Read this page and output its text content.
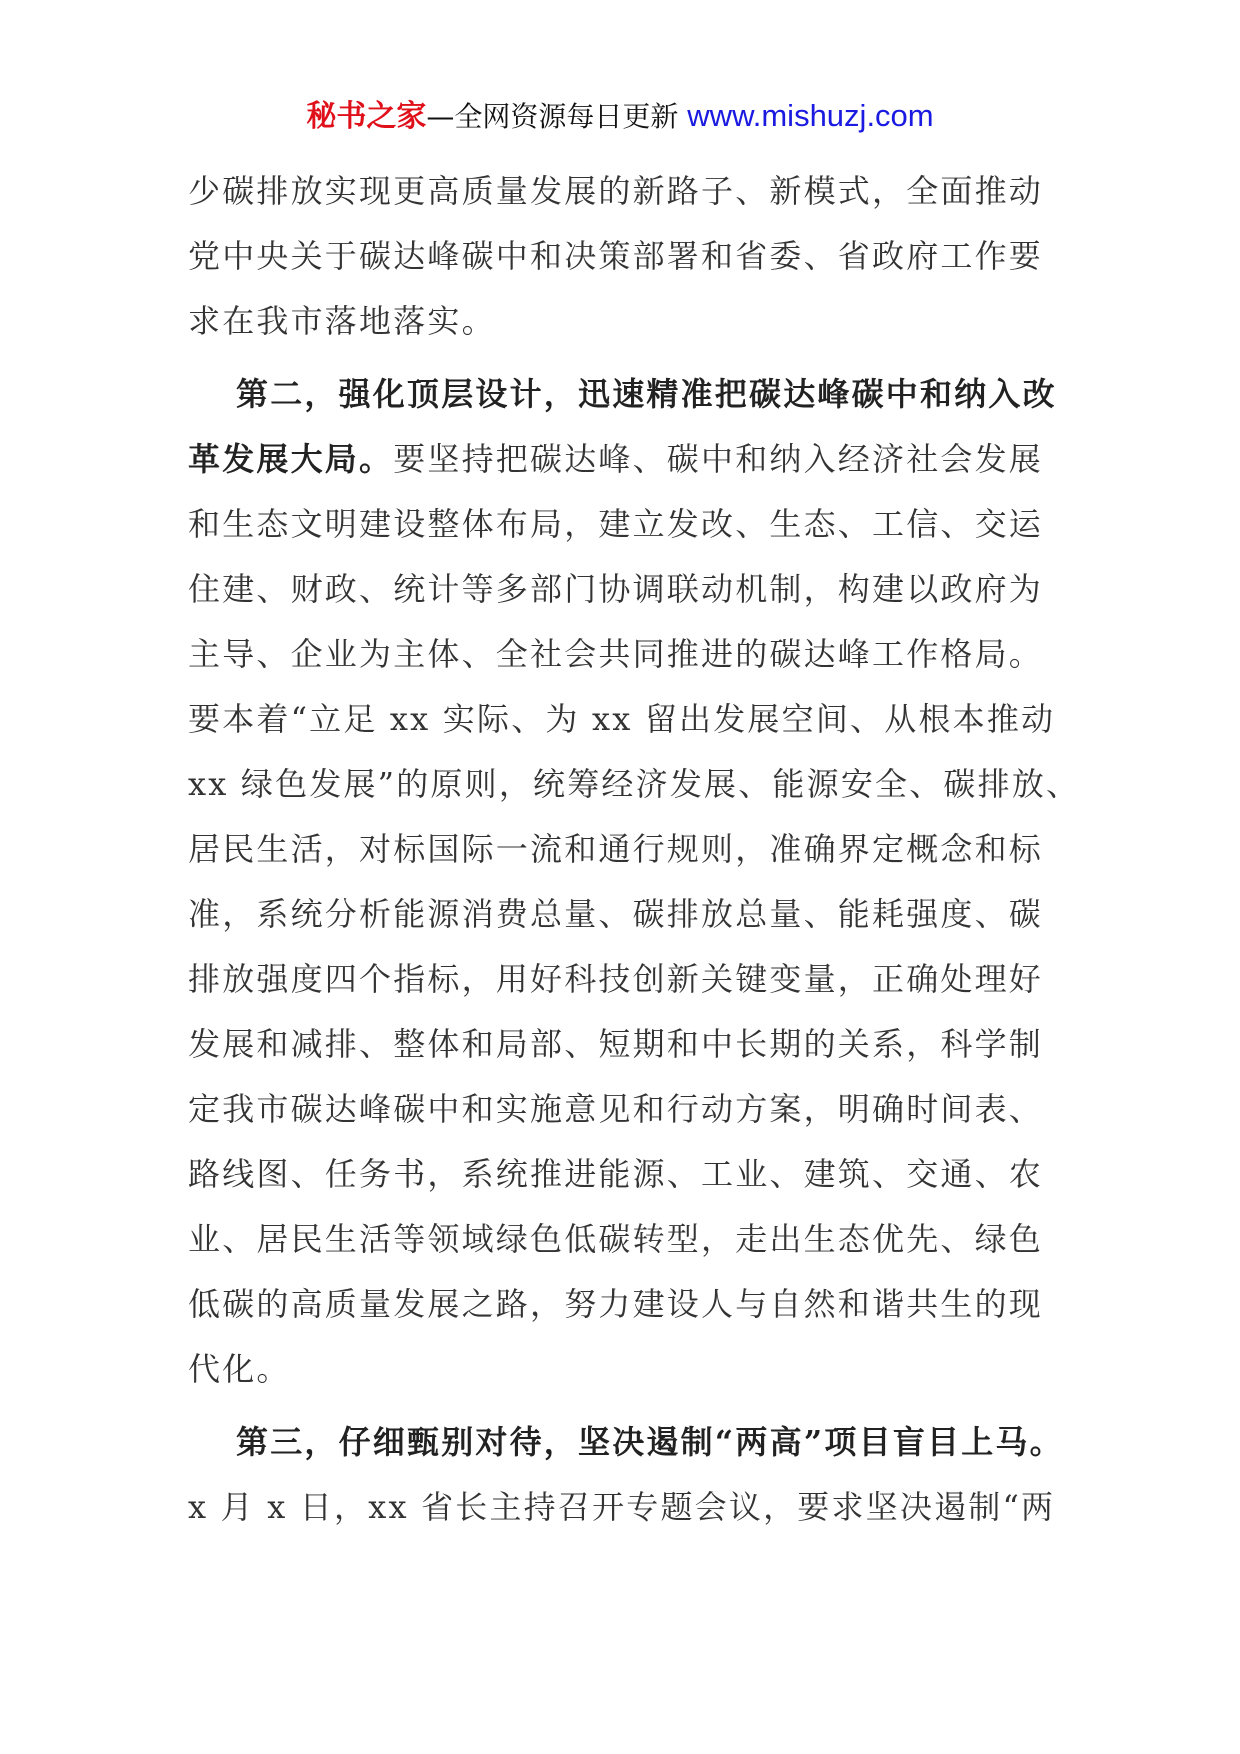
秘书之家—全网资源每日更新 www.mishuzj.com
少碳排放实现更高质量发展的新路子、新模式，全面推动
党中央关于碳达峰碳中和决策部署和省委、省政府工作要
求在我市落地落实。
第二，强化顶层设计，迅速精准把碳达峰碳中和纳入改
革发展大局。要坚持把碳达峰、碳中和纳入经济社会发展
和生态文明建设整体布局，建立发改、生态、工信、交运
住建、财政、统计等多部门协调联动机制，构建以政府为
主导、企业为主体、全社会共同推进的碳达峰工作格局。
要本着“立足 xx 实际、为 xx 留出发展空间、从根本推动
xx 绿色发展”的原则，统筹经济发展、能源安全、碳排放、
居民生活，对标国际一流和通行规则，准确界定概念和标
准，系统分析能源消费总量、碳排放总量、能耗强度、碳
排放强度四个指标，用好科技创新关键变量，正确处理好
发展和减排、整体和局部、短期和中长期的关系，科学制
定我市碳达峰碳中和实施意见和行动方案，明确时间表、
路线图、任务书，系统推进能源、工业、建筑、交通、农
业、居民生活等领域绿色低碳转型，走出生态优先、绿色
低碳的高质量发展之路，努力建设人与自然和谐共生的现
代化。
第三，仔细甄别对待，坚决遏制“两高”项目盲目上马。
x 月 x 日，xx 省长主持召开专题会议，要求坚决遏制“两
